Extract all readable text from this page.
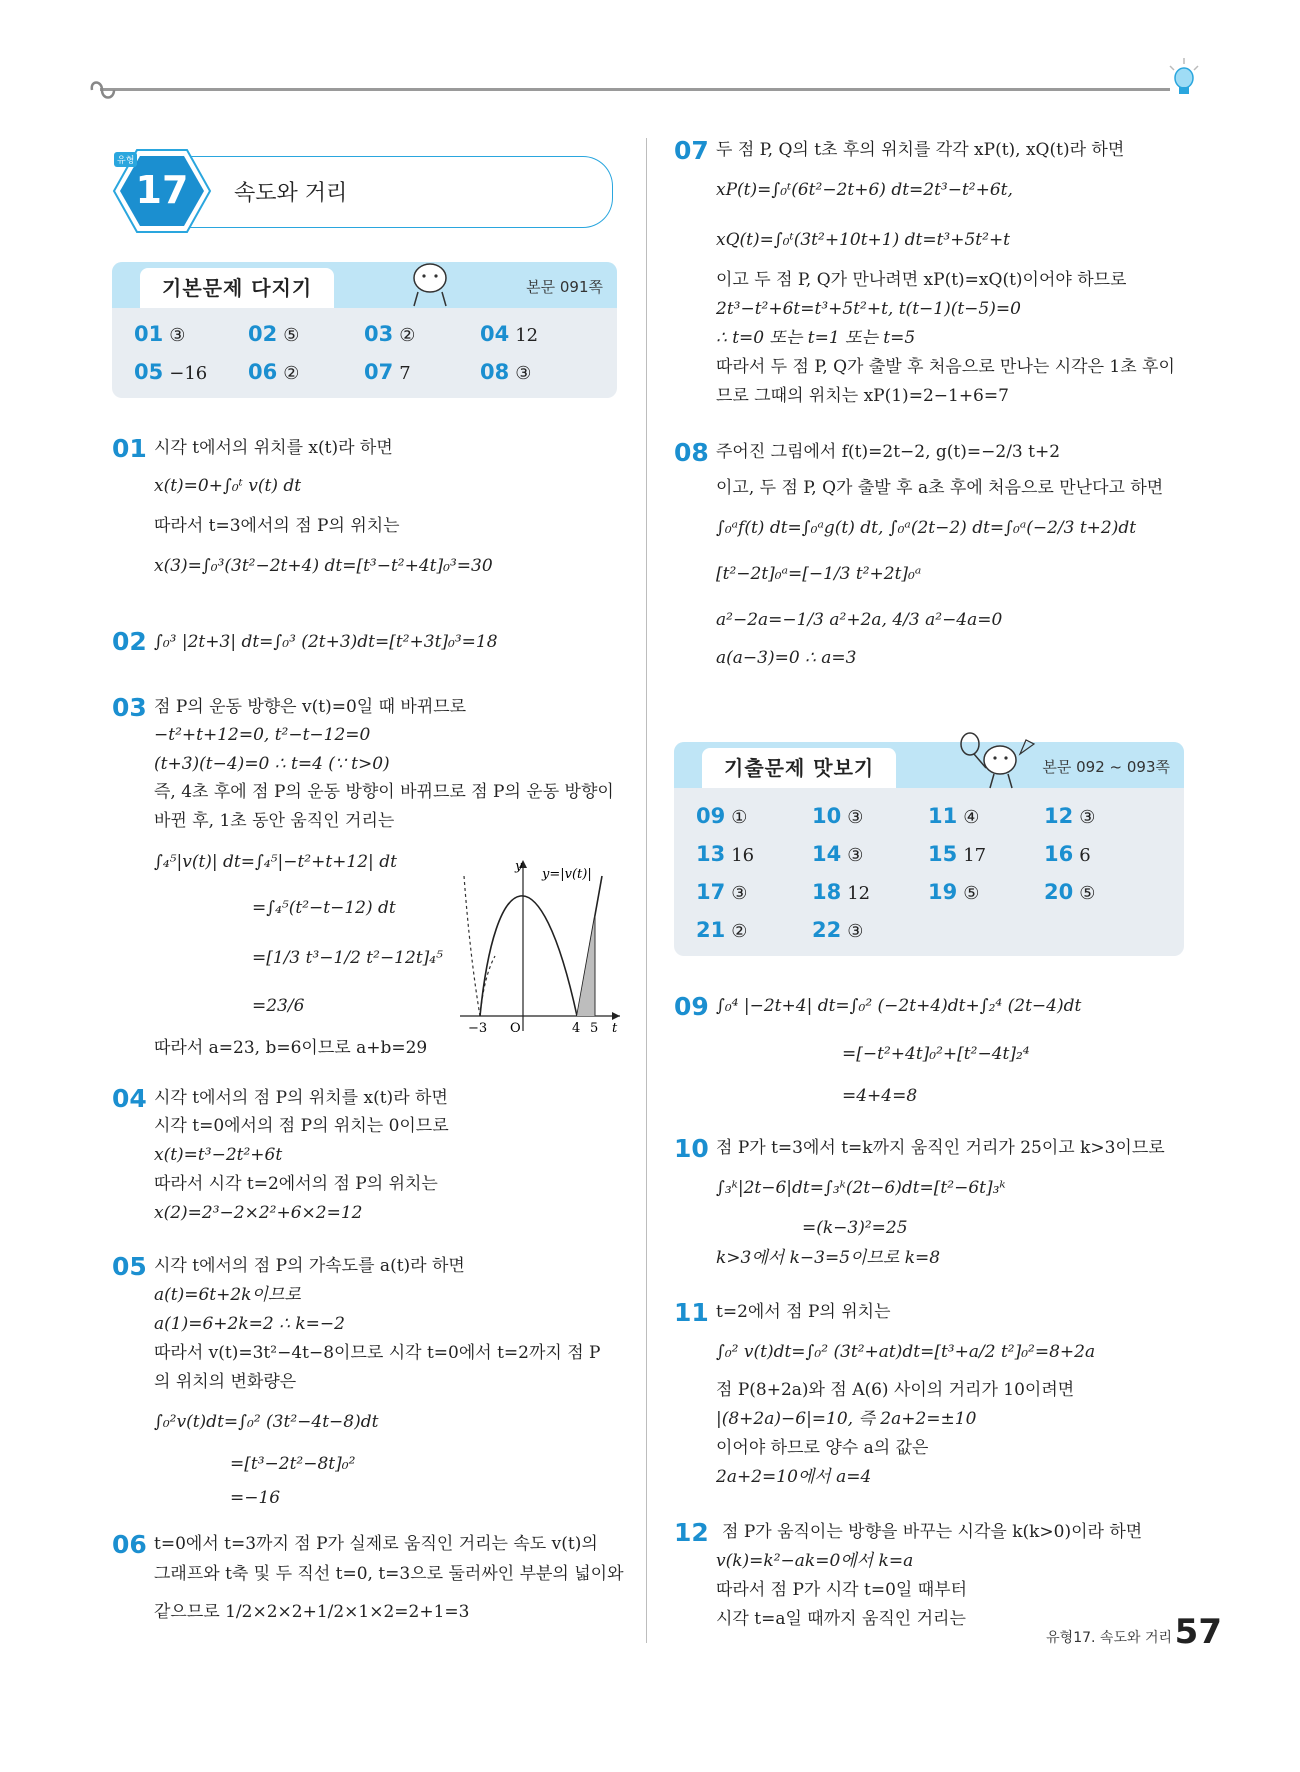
유형
17	속도와 거리
기본문제 다지기	본문 091쪽
01 ③	02 ⑤	03 ②	04 12
05 −16 06 ②	07 7	08 ③
01 시각 t에서의 위치를 x(t)라 하면
x(t)=0+∫₀ᵗ v(t) dt
따라서 t=3에서의 점 P의 위치는
x(3)=∫₀³(3t²−2t+4) dt=[t³−t²+4t]₀³=30
02 ∫₀³ |2t+3| dt=∫₀³ (2t+3)dt=[t²+3t]₀³=18
03 점 P의 운동 방향은 v(t)=0일 때 바뀌므로
−t²+t+12=0, t²−t−12=0
(t+3)(t−4)=0 ∴ t=4 (∵ t>0)
즉, 4초 후에 점 P의 운동 방향이 바뀌므로 점 P의 운동 방향이
바뀐 후, 1초 동안 움직인 거리는
∫₄⁵|v(t)| dt=∫₄⁵|−t²+t+12| dt
=∫₄⁵(t²−t−12) dt
=[1/3 t³−1/2 t²−12t]₄⁵
=23/6
따라서 a=23, b=6이므로 a+b=29
y
y=|v(t)|
t
−3 O	4 5
04 시각 t에서의 점 P의 위치를 x(t)라 하면
시각 t=0에서의 점 P의 위치는 0이므로
x(t)=t³−2t²+6t
따라서 시각 t=2에서의 점 P의 위치는
x(2)=2³−2×2²+6×2=12
05 시각 t에서의 점 P의 가속도를 a(t)라 하면
a(t)=6t+2k이므로
a(1)=6+2k=2 ∴ k=−2
따라서 v(t)=3t²−4t−8이므로 시각 t=0에서 t=2까지 점 P
의 위치의 변화량은
∫₀²v(t)dt=∫₀² (3t²−4t−8)dt
=[t³−2t²−8t]₀²
=−16
06 t=0에서 t=3까지 점 P가 실제로 움직인 거리는 속도 v(t)의
그래프와 t축 및 두 직선 t=0, t=3으로 둘러싸인 부분의 넓이와
같으므로 1/2×2×2+1/2×1×2=2+1=3
07 두 점 P, Q의 t초 후의 위치를 각각 xP(t), xQ(t)라 하면
xP(t)=∫₀ᵗ(6t²−2t+6) dt=2t³−t²+6t,
xQ(t)=∫₀ᵗ(3t²+10t+1) dt=t³+5t²+t
이고 두 점 P, Q가 만나려면 xP(t)=xQ(t)이어야 하므로
2t³−t²+6t=t³+5t²+t, t(t−1)(t−5)=0
∴ t=0 또는 t=1 또는 t=5
따라서 두 점 P, Q가 출발 후 처음으로 만나는 시각은 1초 후이
므로 그때의 위치는 xP(1)=2−1+6=7
08 주어진 그림에서 f(t)=2t−2, g(t)=−2/3 t+2
이고, 두 점 P, Q가 출발 후 a초 후에 처음으로 만난다고 하면
∫₀ᵃf(t) dt=∫₀ᵃg(t) dt, ∫₀ᵃ(2t−2) dt=∫₀ᵃ(−2/3 t+2)dt
[t²−2t]₀ᵃ=[−1/3 t²+2t]₀ᵃ
a²−2a=−1/3 a²+2a, 4/3 a²−4a=0
a(a−3)=0 ∴ a=3
기출문제 맛보기	본문 092 ~ 093쪽
09 ①	10 ③	11 ④	12 ③
13 16	14 ③	15 17	16 6
17 ③	18 12	19 ⑤	20 ⑤
21 ②	22 ③
09 ∫₀⁴ |−2t+4| dt=∫₀² (−2t+4)dt+∫₂⁴ (2t−4)dt
=[−t²+4t]₀²+[t²−4t]₂⁴
=4+4=8
10 점 P가 t=3에서 t=k까지 움직인 거리가 25이고 k>3이므로
∫₃ᵏ|2t−6|dt=∫₃ᵏ(2t−6)dt=[t²−6t]₃ᵏ
=(k−3)²=25
k>3에서 k−3=5이므로 k=8
11 t=2에서 점 P의 위치는
∫₀² v(t)dt=∫₀² (3t²+at)dt=[t³+a/2 t²]₀²=8+2a
점 P(8+2a)와 점 A(6) 사이의 거리가 10이려면
|(8+2a)−6|=10, 즉 2a+2=±10
이어야 하므로 양수 a의 값은
2a+2=10에서 a=4
12 점 P가 움직이는 방향을 바꾸는 시각을 k(k>0)이라 하면
v(k)=k²−ak=0에서 k=a
따라서 점 P가 시각 t=0일 때부터
시각 t=a일 때까지 움직인 거리는
유형17. 속도와 거리 57
